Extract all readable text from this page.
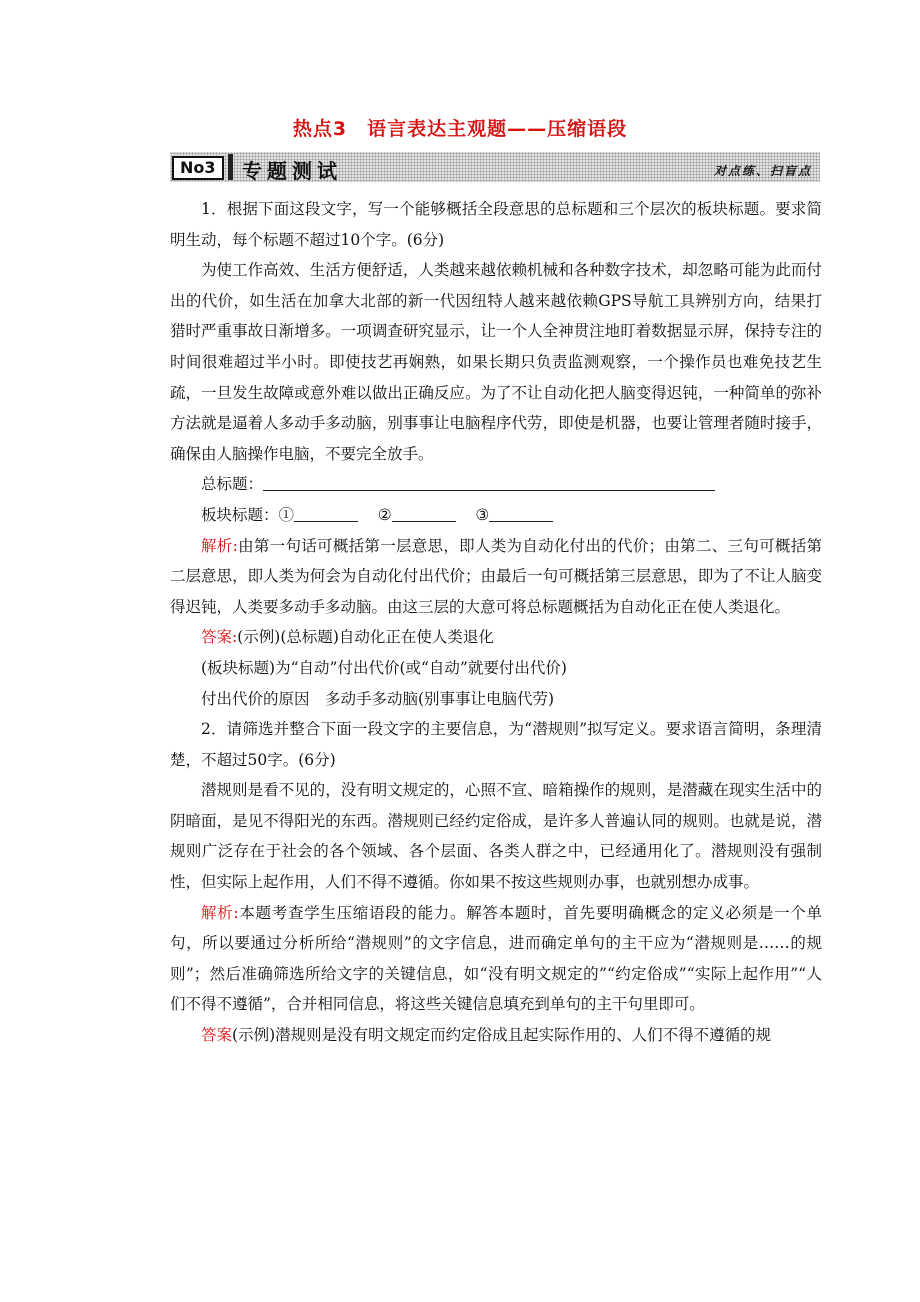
热点3　语言表达主观题——压缩语段
No3	专题测试	对点练、扫盲点

1．根据下面这段文字，写一个能够概括全段意思的总标题和三个层次的板块标题。要求简明生动，每个标题不超过10个字。(6分)

为使工作高效、生活方便舒适，人类越来越依赖机械和各种数字技术，却忽略可能为此而付出的代价，如生活在加拿大北部的新一代因纽特人越来越依赖GPS导航工具辨别方向，结果打猎时严重事故日渐增多。一项调查研究显示，让一个人全神贯注地盯着数据显示屏，保持专注的时间很难超过半小时。即使技艺再娴熟，如果长期只负责监测观察，一个操作员也难免技艺生疏，一旦发生故障或意外难以做出正确反应。为了不让自动化把人脑变得迟钝，一种简单的弥补方法就是逼着人多动手多动脑，别事事让电脑程序代劳，即使是机器，也要让管理者随时接手，确保由人脑操作电脑，不要完全放手。

总标题：

板块标题：①	②	③

解析:由第一句话可概括第一层意思，即人类为自动化付出的代价；由第二、三句可概括第二层意思，即人类为何会为自动化付出代价；由最后一句可概括第三层意思，即为了不让人脑变得迟钝，人类要多动手多动脑。由这三层的大意可将总标题概括为自动化正在使人类退化。

答案:(示例)(总标题)自动化正在使人类退化

(板块标题)为“自动”付出代价(或“自动”就要付出代价)

付出代价的原因　多动手多动脑(别事事让电脑代劳)

2．请筛选并整合下面一段文字的主要信息，为“潜规则”拟写定义。要求语言简明，条理清楚，不超过50字。(6分)

潜规则是看不见的，没有明文规定的，心照不宣、暗箱操作的规则，是潜藏在现实生活中的阴暗面，是见不得阳光的东西。潜规则已经约定俗成，是许多人普遍认同的规则。也就是说，潜规则广泛存在于社会的各个领域、各个层面、各类人群之中，已经通用化了。潜规则没有强制性，但实际上起作用，人们不得不遵循。你如果不按这些规则办事，也就别想办成事。

解析:本题考查学生压缩语段的能力。解答本题时，首先要明确概念的定义必须是一个单句，所以要通过分析所给“潜规则”的文字信息，进而确定单句的主干应为“潜规则是……的规则”；然后准确筛选所给文字的关键信息，如“没有明文规定的”“约定俗成”“实际上起作用”“人们不得不遵循”，合并相同信息，将这些关键信息填充到单句的主干句里即可。

答案(示例)潜规则是没有明文规定而约定俗成且起实际作用的、人们不得不遵循的规
